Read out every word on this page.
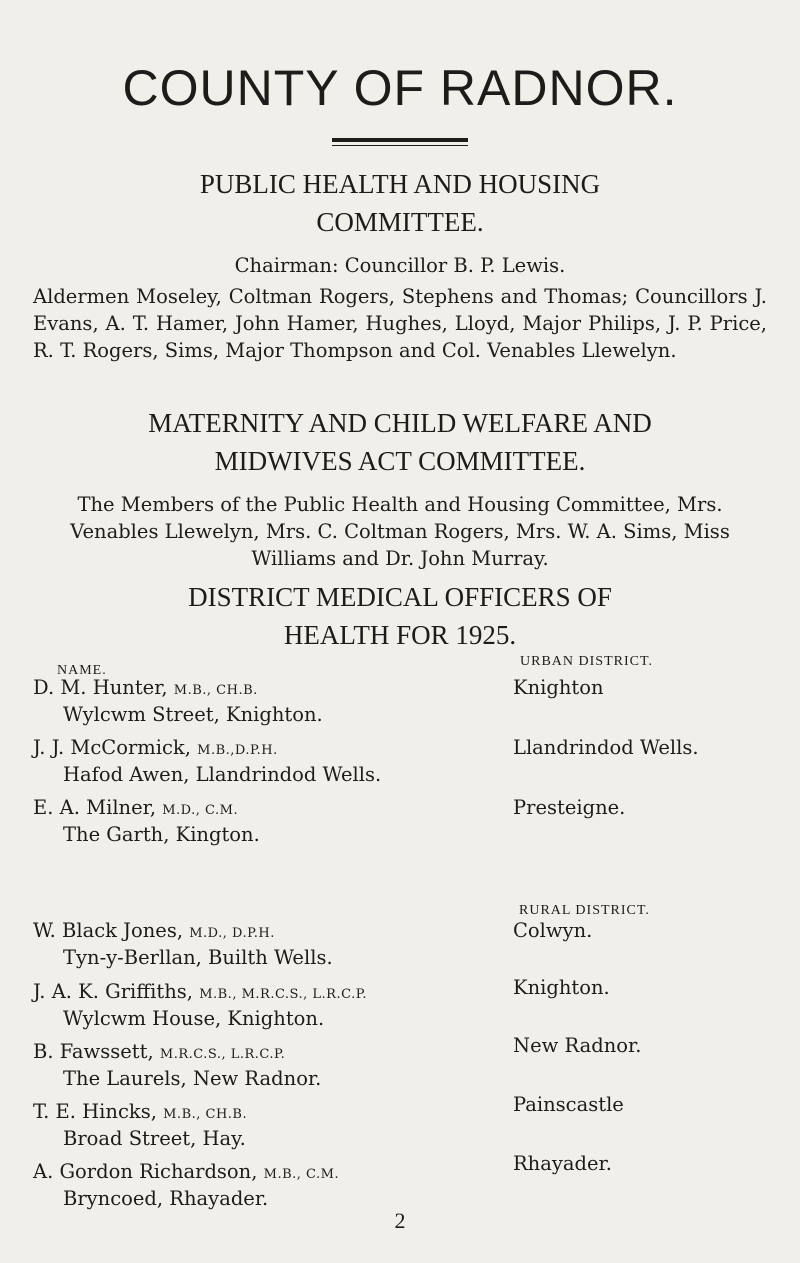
COUNTY OF RADNOR.
PUBLIC HEALTH AND HOUSING
COMMITTEE.
Chairman: Councillor B. P. Lewis.
Aldermen Moseley, Coltman Rogers, Stephens and Thomas; Councillors J. Evans, A. T. Hamer, John Hamer, Hughes, Lloyd, Major Philips, J. P. Price, R. T. Rogers, Sims, Major Thompson and Col. Venables Llewelyn.
MATERNITY AND CHILD WELFARE AND
MIDWIVES ACT COMMITTEE.
The Members of the Public Health and Housing Committee, Mrs. Venables Llewelyn, Mrs. C. Coltman Rogers, Mrs. W. A. Sims, Miss Williams and Dr. John Murray.
DISTRICT MEDICAL OFFICERS OF
HEALTH FOR 1925.
NAME.
URBAN DISTRICT.
RURAL DISTRICT.
D. M. Hunter, M.B., CH.B.
Wylcwm Street, Knighton.
Knighton
J. J. McCormick, M.B.,D.P.H.
Hafod Awen, Llandrindod Wells.
Llandrindod Wells.
E. A. Milner, M.D., C.M.
The Garth, Kington.
Presteigne.
W. Black Jones, M.D., D.P.H.
Tyn-y-Berllan, Builth Wells.
Colwyn.
J. A. K. Griffiths, M.B., M.R.C.S., L.R.C.P.
Wylcwm House, Knighton.
Knighton.
B. Fawssett, M.R.C.S., L.R.C.P.
The Laurels, New Radnor.
New Radnor.
T. E. Hincks, M.B., CH.B.
Broad Street, Hay.
Painscastle
A. Gordon Richardson, M.B., C.M.
Bryncoed, Rhayader.
Rhayader.
2
